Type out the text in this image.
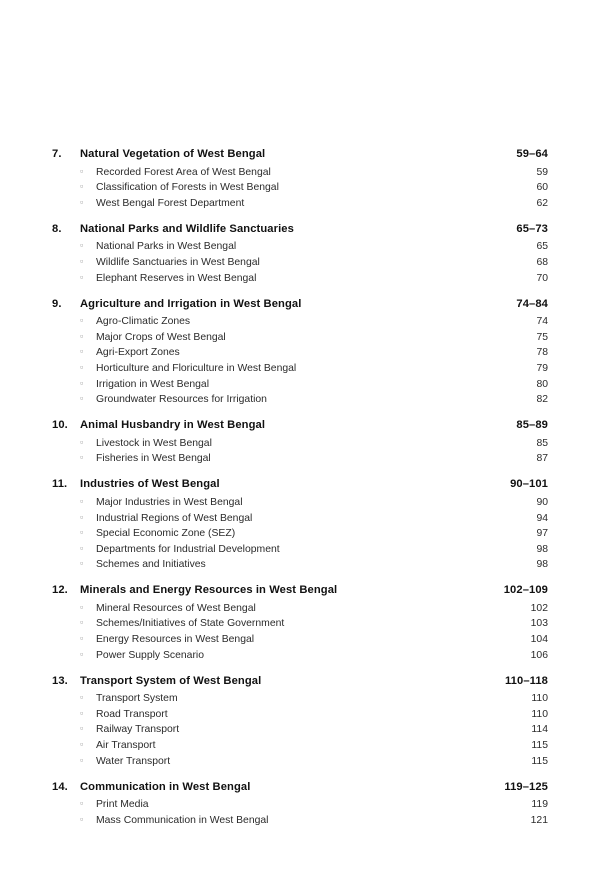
7.	Natural Vegetation of West Bengal	59–64
▫	Recorded Forest Area of West Bengal	59
▫	Classification of Forests in West Bengal	60
▫	West Bengal Forest Department	62
8.	National Parks and Wildlife Sanctuaries	65–73
▫	National Parks in West Bengal	65
▫	Wildlife Sanctuaries in West Bengal	68
▫	Elephant Reserves in West Bengal	70
9.	Agriculture and Irrigation in West Bengal	74–84
▫	Agro-Climatic Zones	74
▫	Major Crops of West Bengal	75
▫	Agri-Export Zones	78
▫	Horticulture and Floriculture in West Bengal	79
▫	Irrigation in West Bengal	80
▫	Groundwater Resources for Irrigation	82
10.	Animal Husbandry in West Bengal	85–89
▫	Livestock in West Bengal	85
▫	Fisheries in West Bengal	87
11.	Industries of West Bengal	90–101
▫	Major Industries in West Bengal	90
▫	Industrial Regions of West Bengal	94
▫	Special Economic Zone (SEZ)	97
▫	Departments for Industrial Development	98
▫	Schemes and Initiatives	98
12.	Minerals and Energy Resources in West Bengal	102–109
▫	Mineral Resources of West Bengal	102
▫	Schemes/Initiatives of State Government	103
▫	Energy Resources in West Bengal	104
▫	Power Supply Scenario	106
13.	Transport System of West Bengal	110–118
▫	Transport System	110
▫	Road Transport	110
▫	Railway Transport	114
▫	Air Transport	115
▫	Water Transport	115
14.	Communication in West Bengal	119–125
▫	Print Media	119
▫	Mass Communication in West Bengal	121
